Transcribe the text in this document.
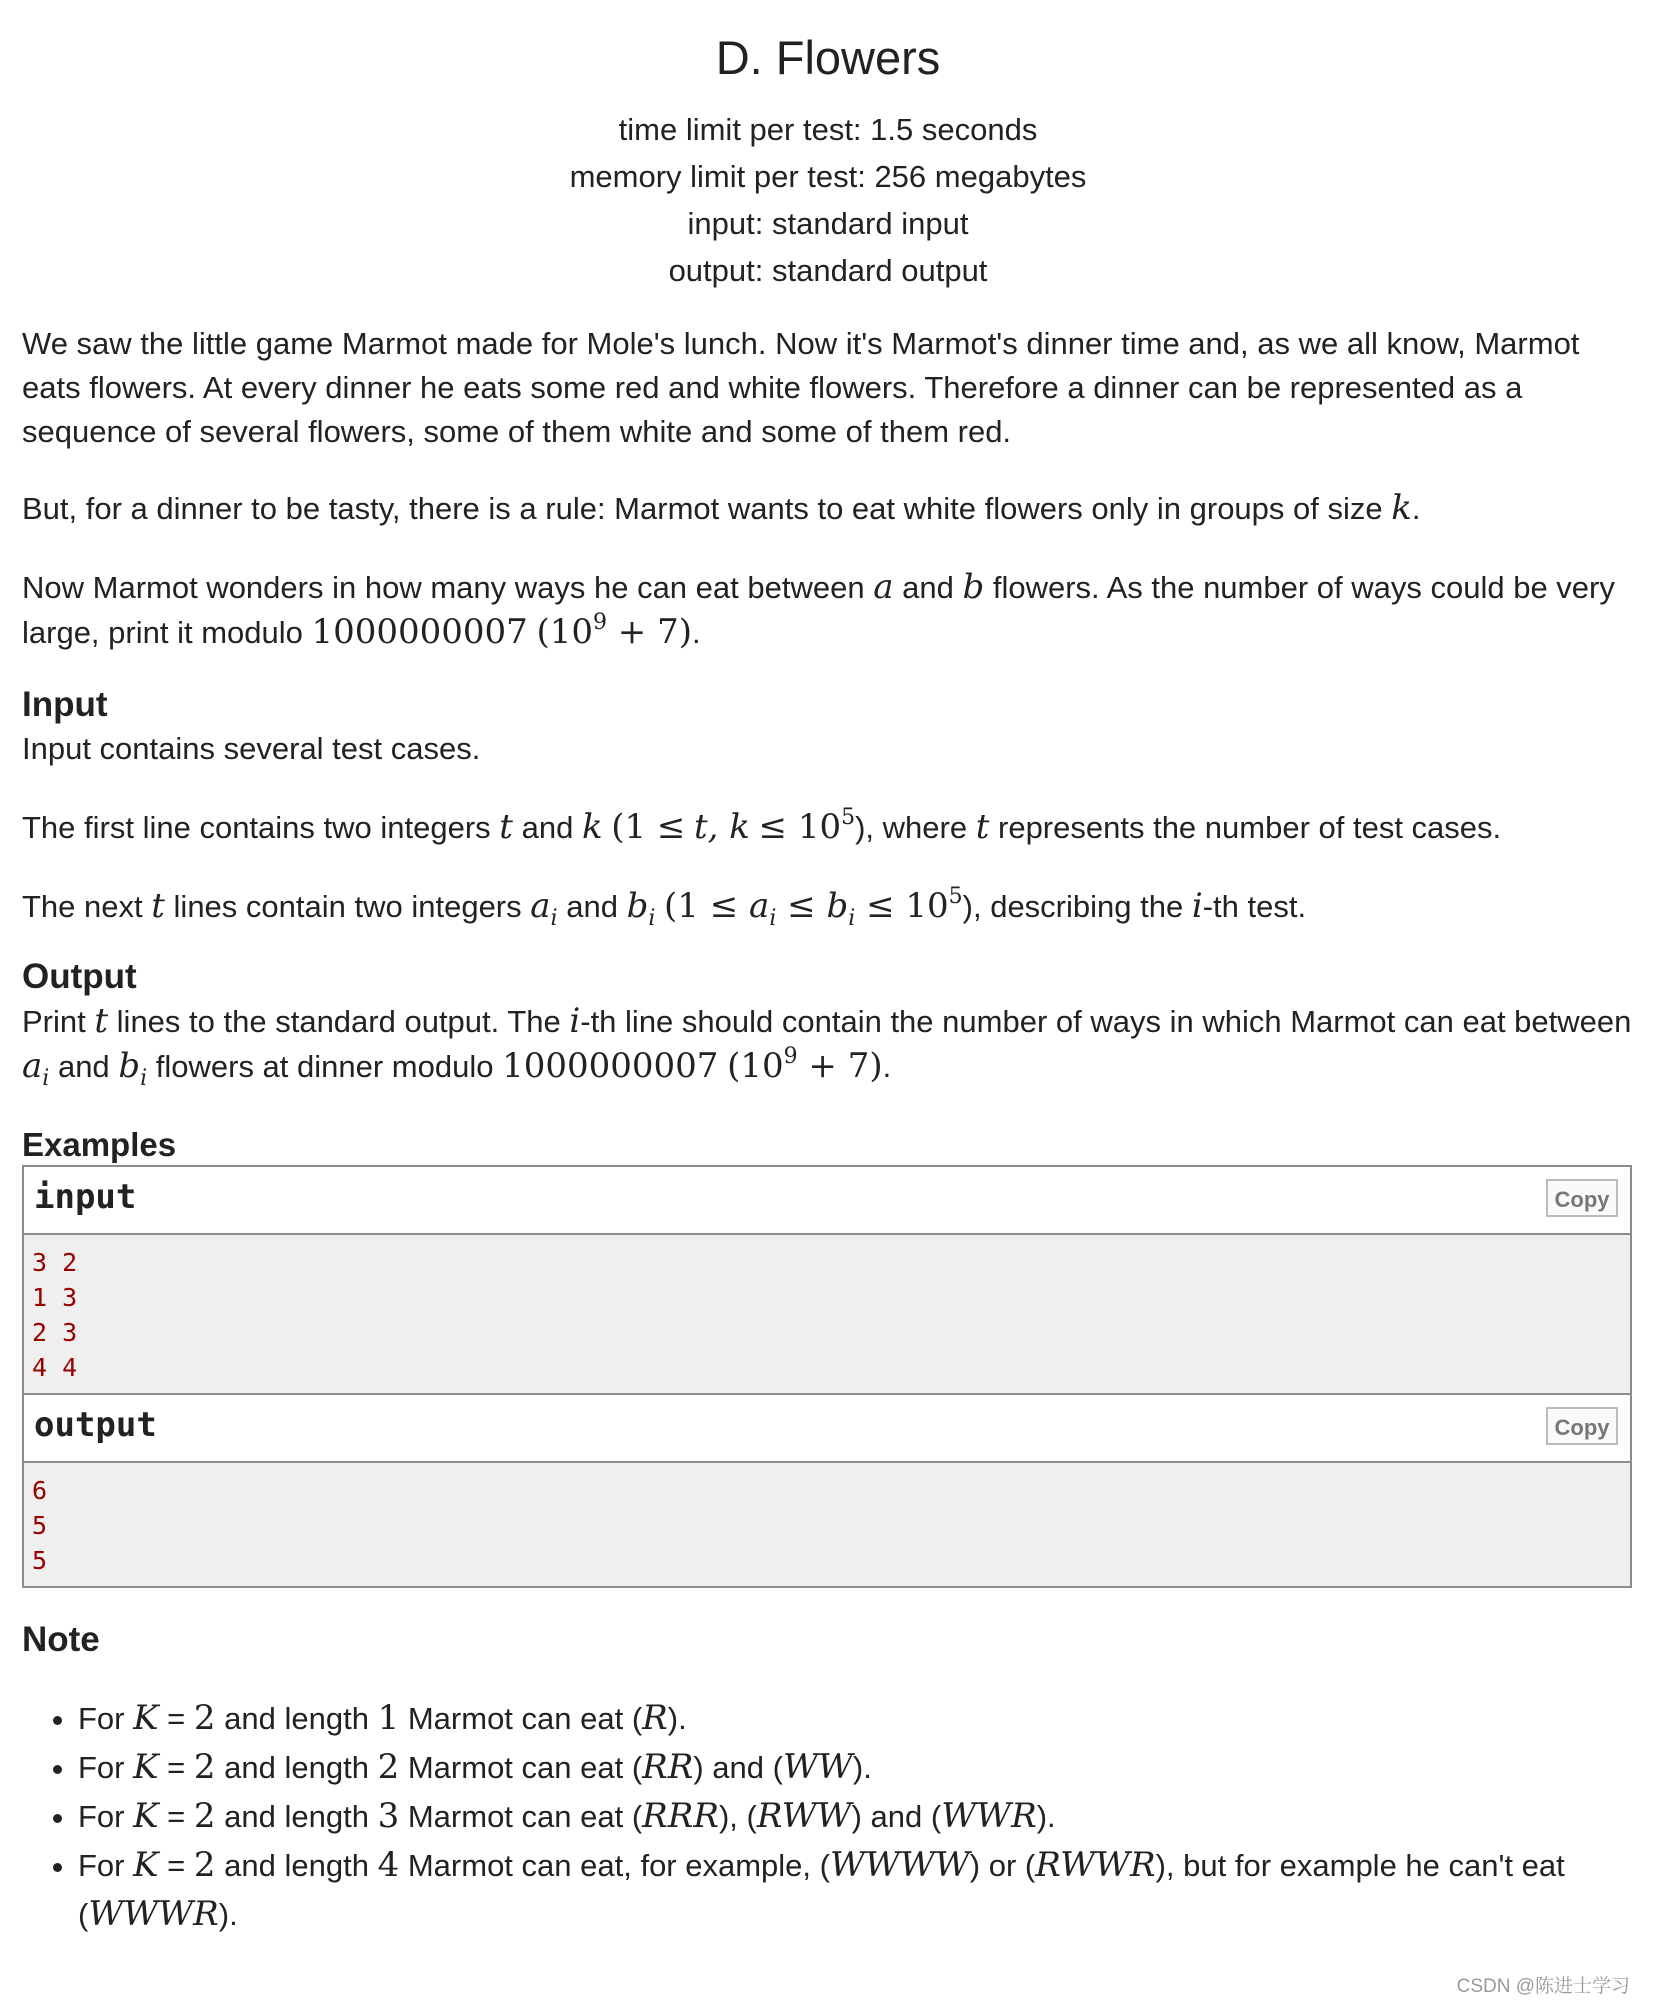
D. Flowers
time limit per test: 1.5 seconds
memory limit per test: 256 megabytes
input: standard input
output: standard output

We saw the little game Marmot made for Mole's lunch. Now it's Marmot's dinner time and, as we all know, Marmot eats flowers. At every dinner he eats some red and white flowers. Therefore a dinner can be represented as a sequence of several flowers, some of them white and some of them red.

But, for a dinner to be tasty, there is a rule: Marmot wants to eat white flowers only in groups of size k.

Now Marmot wonders in how many ways he can eat between a and b flowers. As the number of ways could be very large, print it modulo 1000000007 $(10^9 + 7)$.

Input

Input contains several test cases.

The first line contains two integers t and k (1 ≤ t, $k \le 10^5$), where t represents the number of test cases.

The next t lines contain two integers $a_i$ and $b_i$ $(1 \le a_i \le b_i \le 10^5)$, describing the i-th test.

Output

Print t lines to the standard output. The i-th line should contain the number of ways in which Marmot can eat between $a_i$ and $b_i$ flowers at dinner modulo 1000000007 $(10^9 + 7)$.

Examples
input	Copy
3 2
1 3
2 3
4 4
output	Copy
6
5
5
Note
• For K = 2 and length 1 Marmot can eat (R).
• For K = 2 and length 2 Marmot can eat (RR) and (WW).
• For K = 2 and length 3 Marmot can eat (RRR), (RWW) and (WWR).
• For K = 2 and length 4 Marmot can eat, for example, (WWWW) or (RWWR), but for example he can't eat (WWWR).
CSDN @陈进士学习
